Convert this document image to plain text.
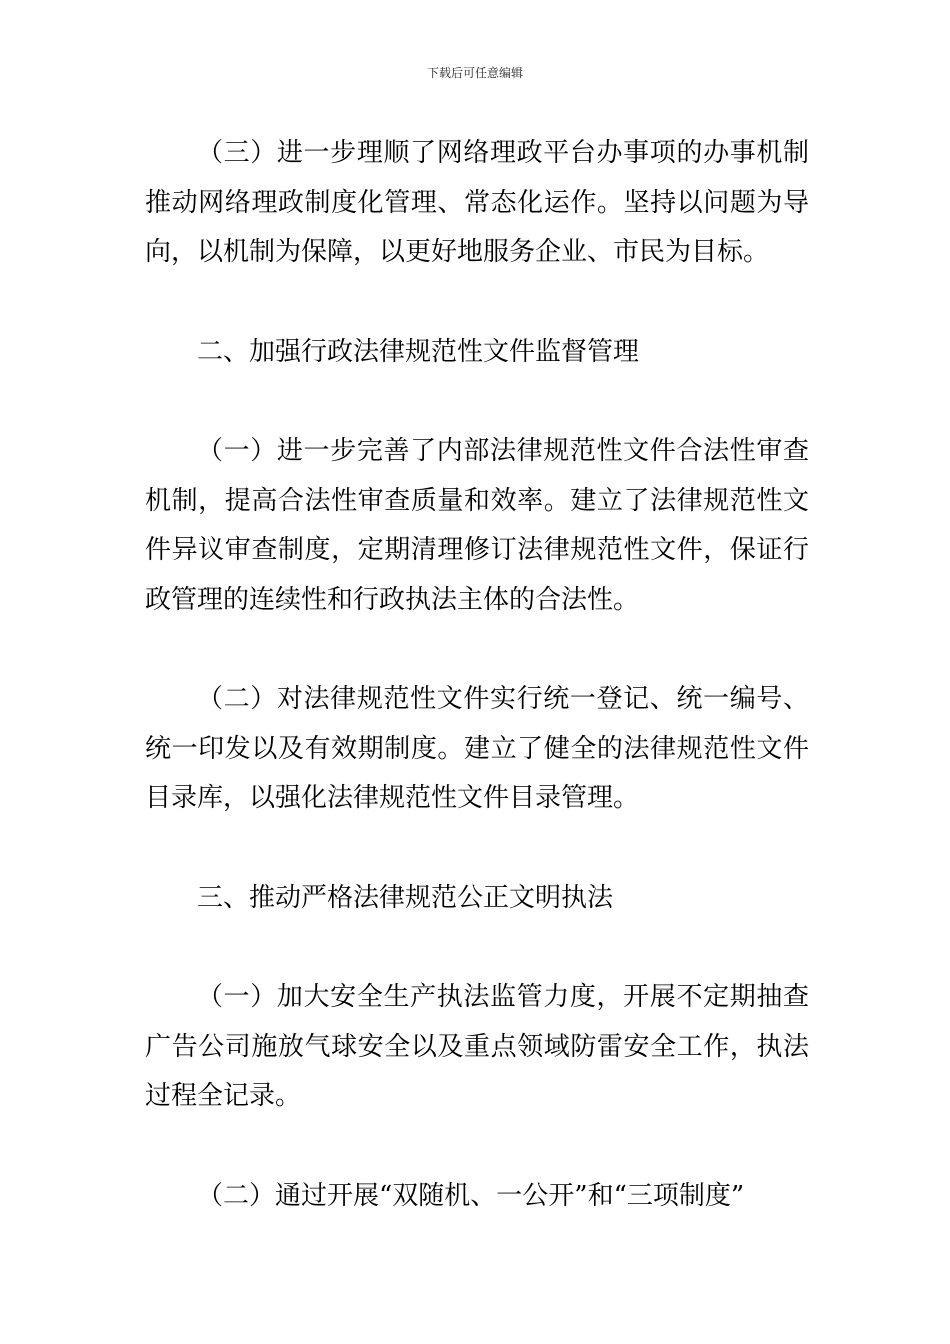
下载后可任意编辑

（三）进一步理顺了网络理政平台办事项的办事机制推动网络理政制度化管理、常态化运作。坚持以问题为导向，以机制为保障，以更好地服务企业、市民为目标。

二、加强行政法律规范性文件监督管理

（一）进一步完善了内部法律规范性文件合法性审查机制，提高合法性审查质量和效率。建立了法律规范性文件异议审查制度，定期清理修订法律规范性文件，保证行政管理的连续性和行政执法主体的合法性。

（二）对法律规范性文件实行统一登记、统一编号、统一印发以及有效期制度。建立了健全的法律规范性文件目录库，以强化法律规范性文件目录管理。

三、推动严格法律规范公正文明执法

（一）加大安全生产执法监管力度，开展不定期抽查广告公司施放气球安全以及重点领域防雷安全工作，执法过程全记录。

（二）通过开展“双随机、一公开”和“三项制度”
